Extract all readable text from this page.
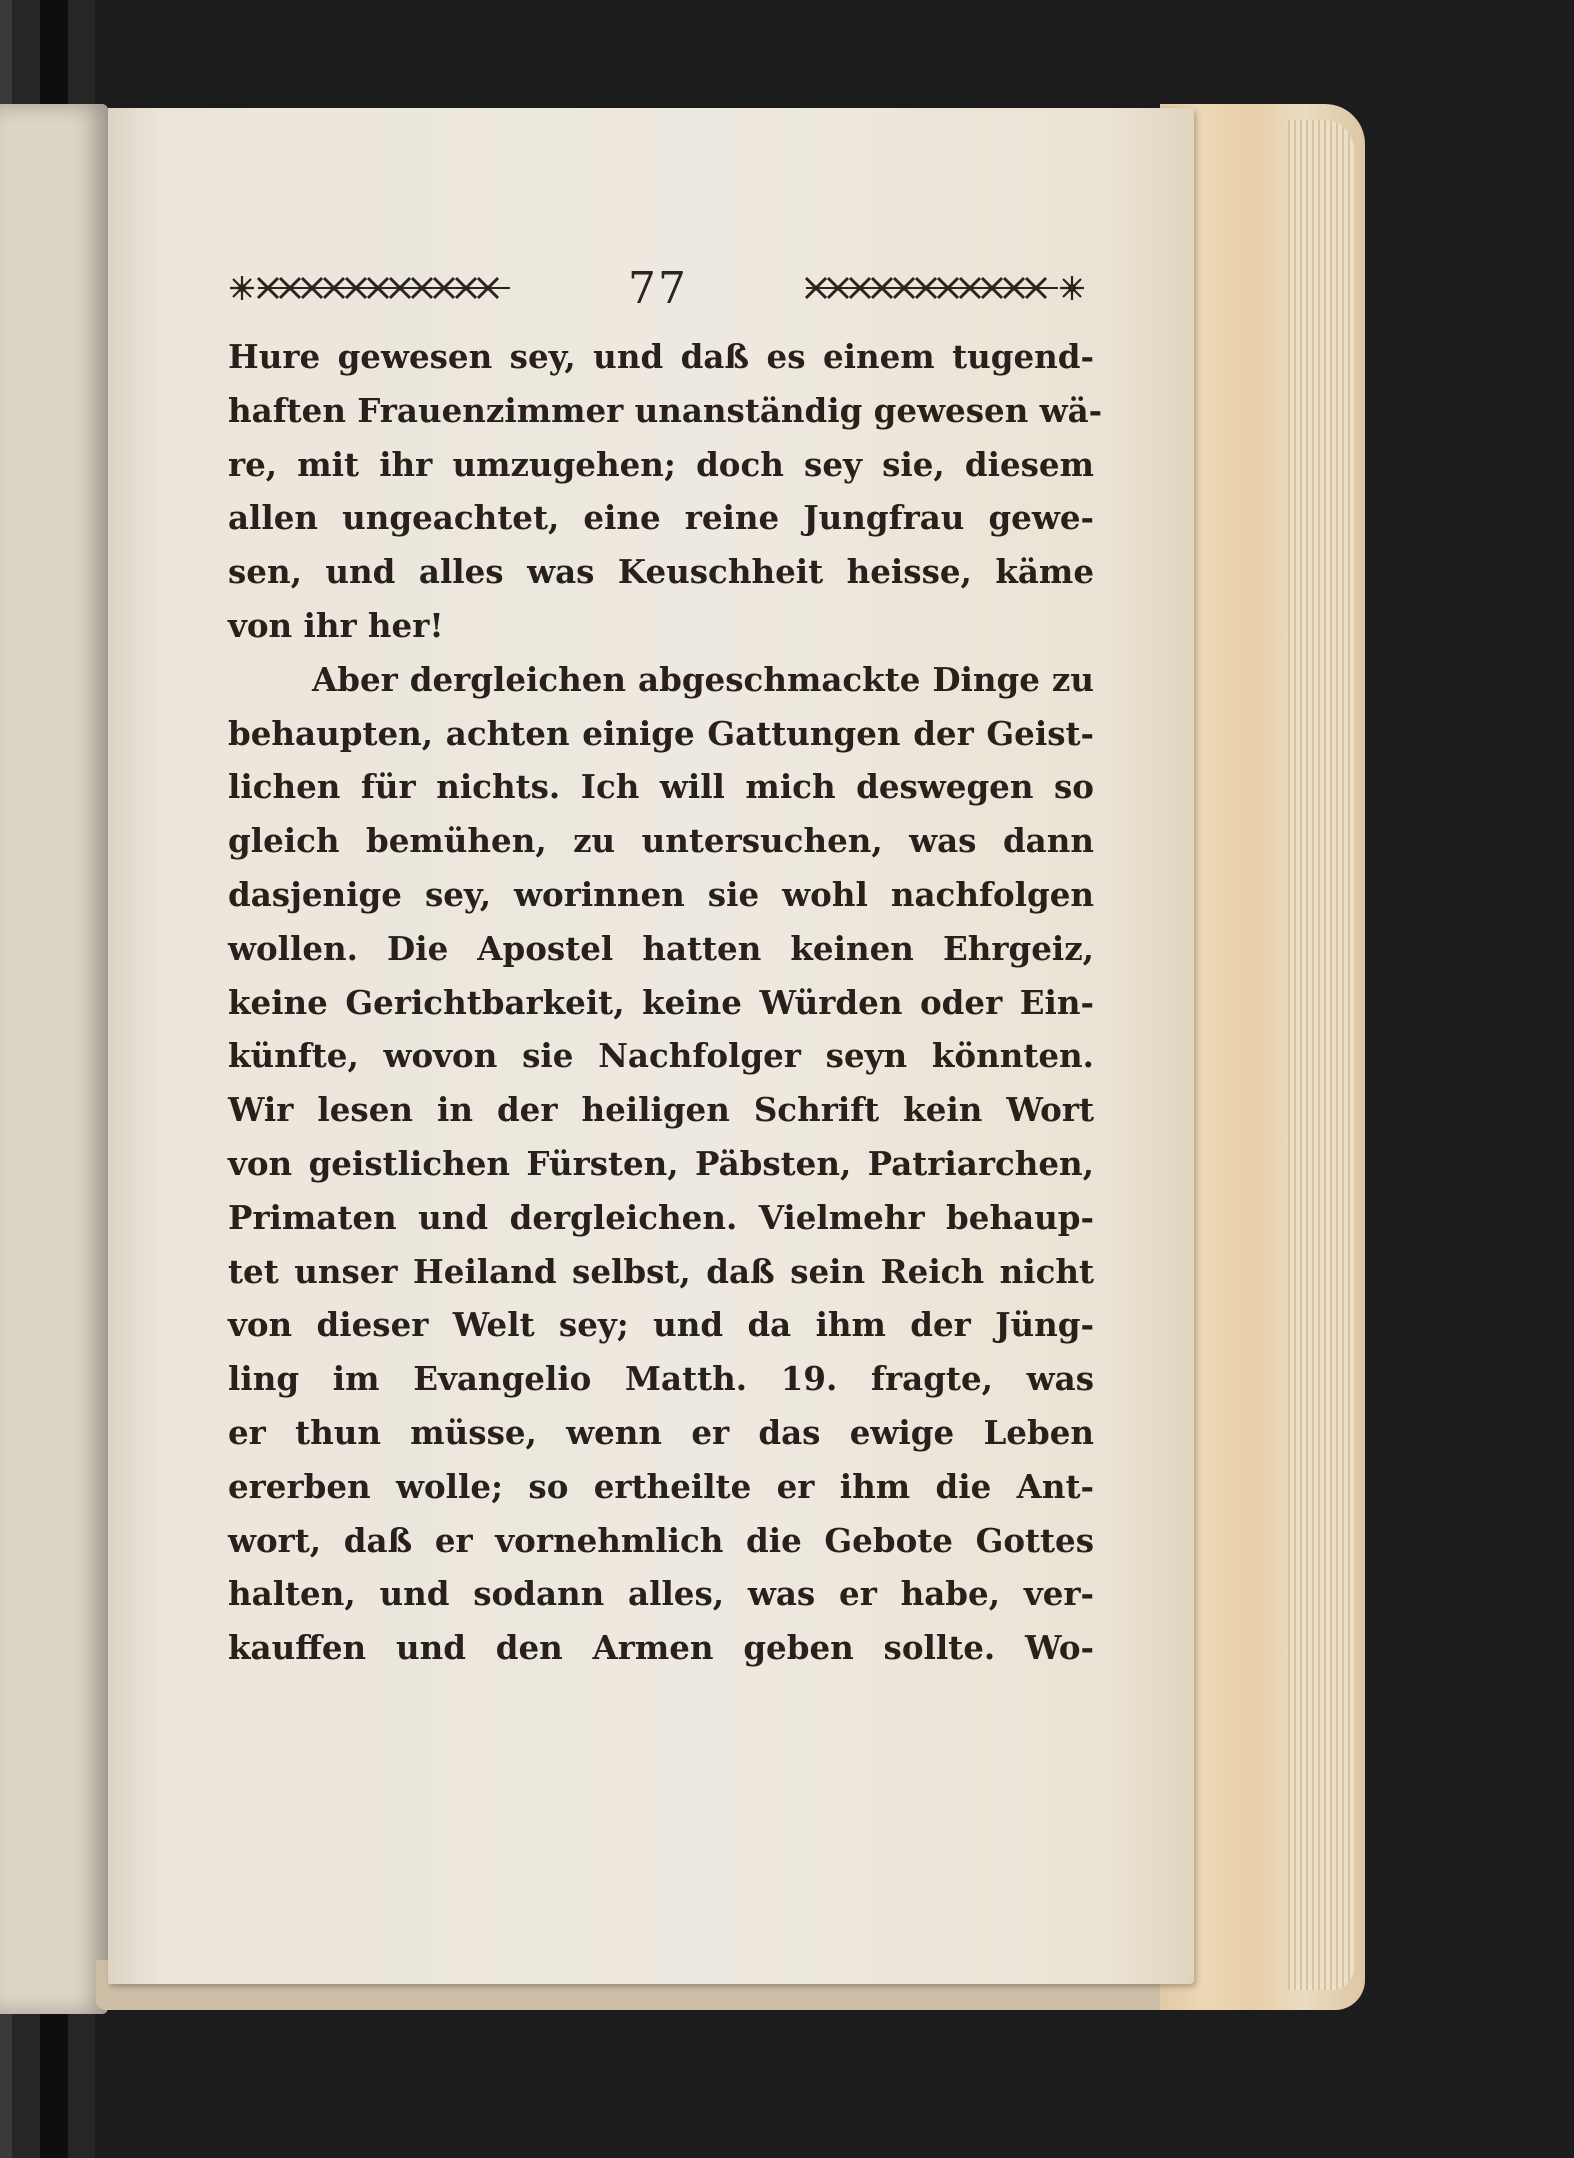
77
Hure gewesen sey, und daß es einem tugend-
haften Frauenzimmer unanständig gewesen wä-
re, mit ihr umzugehen; doch sey sie, diesem
allen ungeachtet, eine reine Jungfrau gewe-
sen, und alles was Keuschheit heisse, käme
von ihr her!
Aber dergleichen abgeschmackte Dinge zu
behaupten, achten einige Gattungen der Geist-
lichen für nichts. Ich will mich deswegen so
gleich bemühen, zu untersuchen, was dann
dasjenige sey, worinnen sie wohl nachfolgen
wollen. Die Apostel hatten keinen Ehrgeiz,
keine Gerichtbarkeit, keine Würden oder Ein-
künfte, wovon sie Nachfolger seyn könnten.
Wir lesen in der heiligen Schrift kein Wort
von geistlichen Fürsten, Päbsten, Patriarchen,
Primaten und dergleichen. Vielmehr behaup-
tet unser Heiland selbst, daß sein Reich nicht
von dieser Welt sey; und da ihm der Jüng-
ling im Evangelio Matth. 19. fragte, was
er thun müsse, wenn er das ewige Leben
ererben wolle; so ertheilte er ihm die Ant-
wort, daß er vornehmlich die Gebote Gottes
halten, und sodann alles, was er habe, ver-
kauffen und den Armen geben sollte. Wo-
